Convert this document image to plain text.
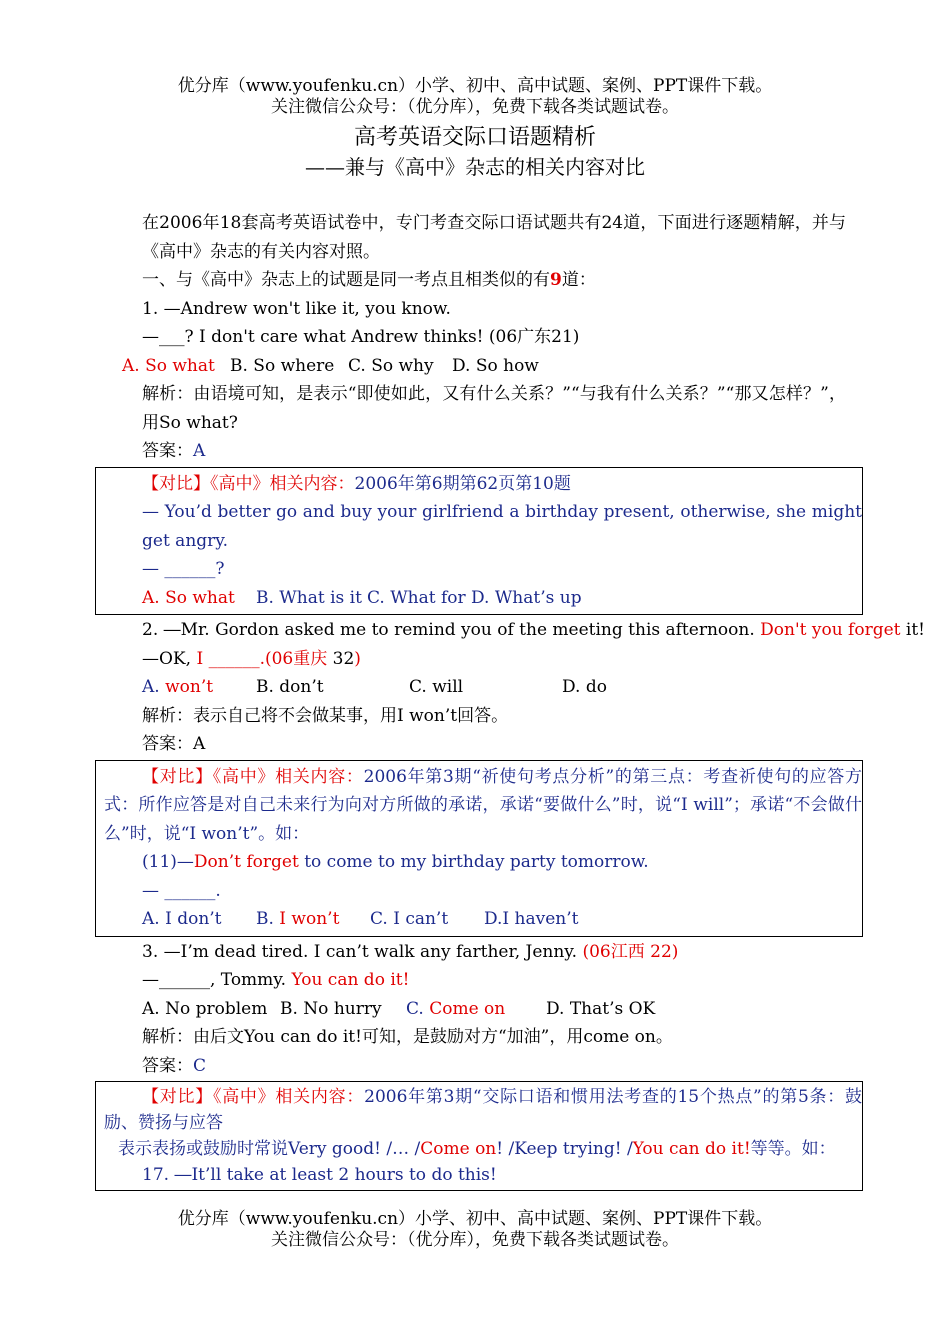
优分库（www.youfenku.cn）小学、初中、高中试题、案例、PPT课件下载。
关注微信公众号：（优分库），免费下载各类试题试卷。
高考英语交际口语题精析
——兼与《高中》杂志的相关内容对比
在2006年18套高考英语试卷中，专门考查交际口语试题共有24道，下面进行逐题精解，并与《高中》杂志的有关内容对照。
一、与《高中》杂志上的试题是同一考点且相类似的有9道：
1. —Andrew won't like it, you know.
—___? I don't care what Andrew thinks! (06广东21)
A. So what B. So where C. So why D. So how
解析：由语境可知，是表示“即使如此，又有什么关系？”“与我有什么关系？”“那又怎样？”，用So what?
答案：A
【对比】《高中》相关内容：2006年第6期第62页第10题
— You’d better go and buy your girlfriend a birthday present, otherwise, she might get angry.
— ______?
A. So what B. What is it C. What for D. What’s up
2. ―Mr. Gordon asked me to remind you of the meeting this afternoon. Don't you forget it!
—OK, I ______.(06重庆 32)
A. won’t	B. don’t	C. will	D. do
解析：表示自己将不会做某事，用I won’t回答。
答案：A
【对比】《高中》相关内容：2006年第3期“祈使句考点分析”的第三点：考查祈使句的应答方式：所作应答是对自己未来行为向对方所做的承诺，承诺“要做什么”时，说“I will”；承诺“不会做什么”时，说“I won’t”。如：
(11)—Don’t forget to come to my birthday party tomorrow.
— ______.
A. I don’t B. I won’t C. I can’t D.I haven’t
3. —I’m dead tired. I can’t walk any farther, Jenny. (06江西 22)
—______, Tommy. You can do it!
A. No problem B. No hurry C. Come on D. That’s OK
解析：由后文You can do it!可知，是鼓励对方“加油”，用come on。
答案：C
【对比】《高中》相关内容：2006年第3期“交际口语和惯用法考查的15个热点”的第5条：鼓励、赞扬与应答
表示表扬或鼓励时常说Very good! /… /Come on! /Keep trying! /You can do it!等等。如：
17. ―It’ll take at least 2 hours to do this!
优分库（www.youfenku.cn）小学、初中、高中试题、案例、PPT课件下载。
关注微信公众号：（优分库），免费下载各类试题试卷。
